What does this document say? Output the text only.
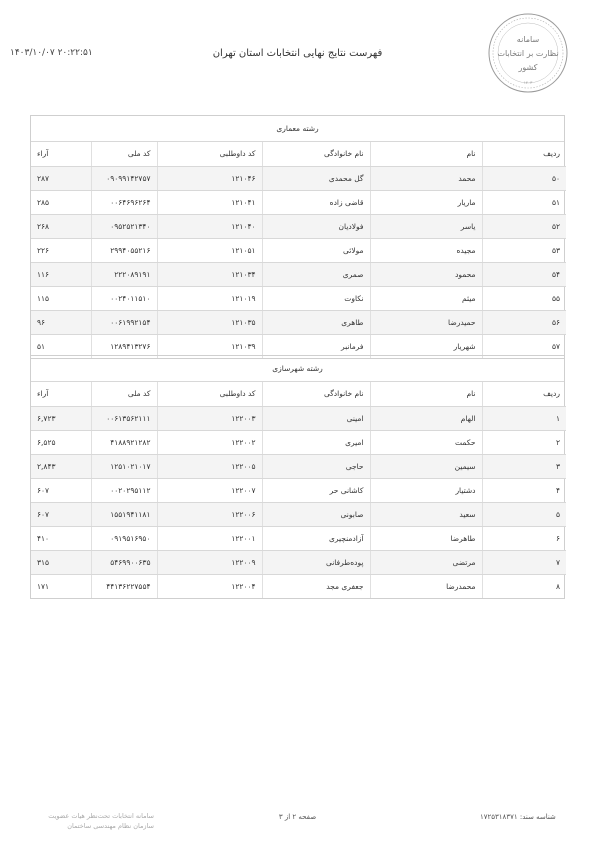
۱۴۰۳/۱۰/۰۷ ۲۰:۲۲:۵۱	فهرست نتایج نهایی انتخابات استان تهران
سامانه
نظارت بر انتخابات
کشور
۱۴۰۳
رشته معماری
ردیف	نام	نام خانوادگی	کد داوطلبی	کد ملی	آراء
۵۰	محمد	گل محمدی	۱۲۱۰۴۶	۰۹۰۹۹۱۴۲۷۵۷	۲۸۷
۵۱	ماریار	قاضی زاده	۱۲۱۰۴۱	۰۰۶۴۶۹۶۲۶۴	۲۸۵
۵۲	یاسر	فولادیان	۱۲۱۰۴۰	۰۹۵۲۵۲۱۳۴۰	۲۶۸
۵۳	مجیده	مولائی	۱۲۱۰۵۱	۲۹۹۴۰۵۵۲۱۶	۲۲۶
۵۴	محمود	صمری	۱۲۱۰۳۴	۲۲۲۰۸۹۱۹۱	۱۱۶
۵۵	میثم	نکاوت	۱۲۱۰۱۹	۰۰۲۴۰۱۱۵۱۰	۱۱۵
۵۶	حمیدرضا	طاهری	۱۲۱۰۳۵	۰۰۶۱۹۹۲۱۵۴	۹۶
۵۷	شهریار	فرمانبر	۱۲۱۰۳۹	۱۲۸۹۴۱۳۲۷۶	۵۱
رشته شهرسازی
ردیف	نام	نام خانوادگی	کد داوطلبی	کد ملی	آراء
۱	الهام	امینی	۱۲۲۰۰۳	۰۰۶۱۳۵۶۲۱۱۱	۶,۷۲۳
۲	حکمت	امیری	۱۲۲۰۰۲	۴۱۸۸۹۲۱۲۸۲	۶,۵۲۵
۳	سیمین	حاجی	۱۲۲۰۰۵	۱۲۵۱۰۲۱۰۱۷	۲,۸۴۳
۴	دشتیار	کاشانی حر	۱۲۲۰۰۷	۰۰۲۰۲۹۵۱۱۲	۶۰۷
۵	سعید	صابونی	۱۲۲۰۰۶	۱۵۵۱۹۴۱۱۸۱	۶۰۷
۶	طاهرضا	آزادمنچیری	۱۲۲۰۰۱	۰۹۱۹۵۱۶۹۵۰	۴۱۰
۷	مرتضی	پوده‌طرفانی	۱۲۲۰۰۹	۵۴۶۹۹۰۰۶۳۵	۳۱۵
۸	محمدرضا	جعفری مجد	۱۲۲۰۰۴	۴۴۱۳۶۲۲۷۵۵۴	۱۷۱
سامانه انتخابات تحت‌نظر هیات عضویت سازمان نظام مهندسی ساختمان
صفحه ۲ از ۳	شناسه سند: ۱۷۲۵۳۱۸۳۷۱
